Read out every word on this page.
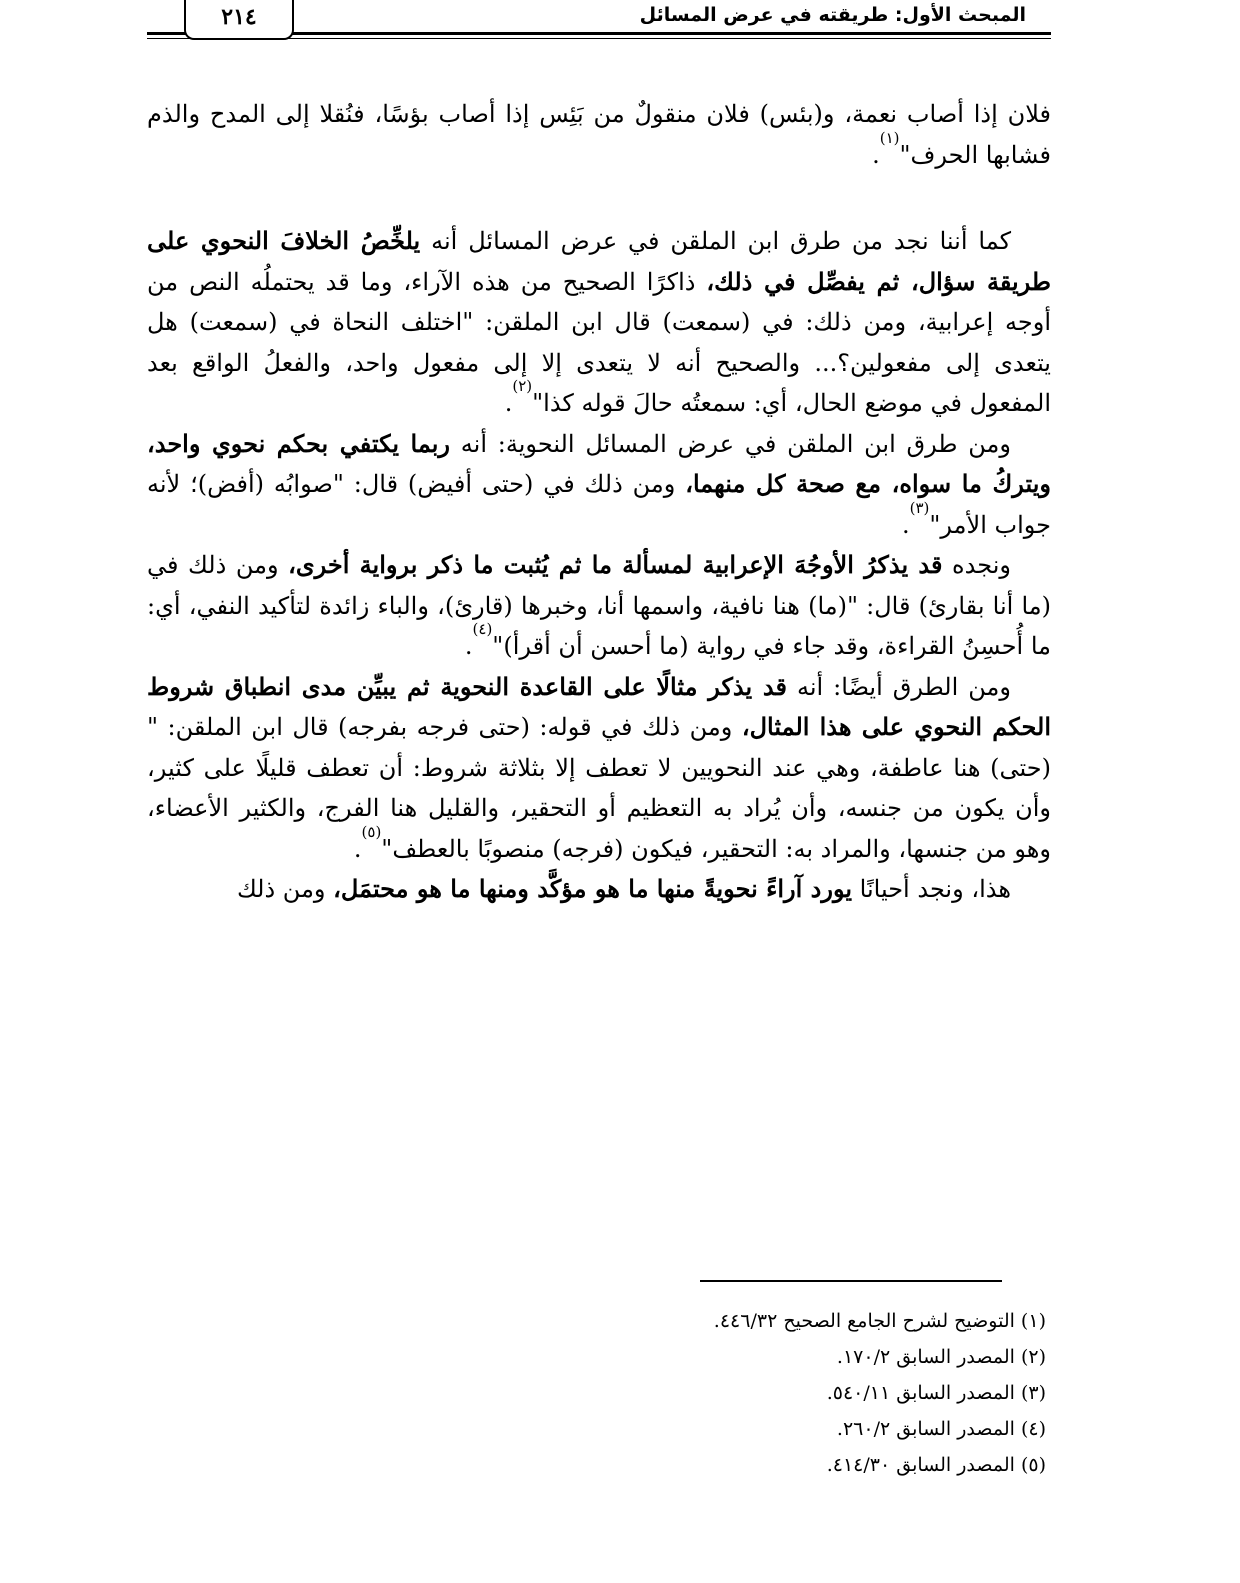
المبحث الأول: طريقته في عرض المسائل
٢١٤

فلان إذا أصاب نعمة، و(بئس) فلان منقولٌ من بَئِس إذا أصاب بؤسًا، فنُقلا إلى المدح والذم فشابها الحرف"$^{(١)}$.

كما أننا نجد من طرق ابن الملقن في عرض المسائل أنه يلخِّصُ الخلافَ النحوي على طريقة سؤال، ثم يفصِّل في ذلك، ذاكرًا الصحيح من هذه الآراء، وما قد يحتملُه النص من أوجه إعرابية، ومن ذلك: في (سمعت) قال ابن الملقن: "اختلف النحاة في (سمعت) هل يتعدى إلى مفعولين؟... والصحيح أنه لا يتعدى إلا إلى مفعول واحد، والفعلُ الواقع بعد المفعول في موضع الحال، أي: سمعتُه حالَ قوله كذا"$^{(٢)}$.

ومن طرق ابن الملقن في عرض المسائل النحوية: أنه ربما يكتفي بحكم نحوي واحد، ويتركُ ما سواه، مع صحة كل منهما، ومن ذلك في (حتى أفيض) قال: "صوابُه (أفض)؛ لأنه جواب الأمر"$^{(٣)}$.

ونجده قد يذكرُ الأوجُهَ الإعرابية لمسألة ما ثم يُثبت ما ذكر برواية أخرى، ومن ذلك في (ما أنا بقارئ) قال: "(ما) هنا نافية، واسمها أنا، وخبرها (قارئ)، والباء زائدة لتأكيد النفي، أي: ما أُحسِنُ القراءة، وقد جاء في رواية (ما أحسن أن أقرأ)"$^{(٤)}$.

ومن الطرق أيضًا: أنه قد يذكر مثالًا على القاعدة النحوية ثم يبيِّن مدى انطباق شروط الحكم النحوي على هذا المثال، ومن ذلك في قوله: (حتى فرجه بفرجه) قال ابن الملقن: "(حتى) هنا عاطفة، وهي عند النحويين لا تعطف إلا بثلاثة شروط: أن تعطف قليلًا على كثير، وأن يكون من جنسه، وأن يُراد به التعظيم أو التحقير، والقليل هنا الفرج، والكثير الأعضاء، وهو من جنسها، والمراد به: التحقير، فيكون (فرجه) منصوبًا بالعطف"$^{(٥)}$.

هذا، ونجد أحيانًا يورد آراءً نحويةً منها ما هو مؤكَّد ومنها ما هو محتمَل، ومن ذلك

(١) التوضيح لشرح الجامع الصحيح ٤٤٦/٣٢.
(٢) المصدر السابق ١٧٠/٢.
(٣) المصدر السابق ٥٤٠/١١.
(٤) المصدر السابق ٢٦٠/٢.
(٥) المصدر السابق ٤١٤/٣٠.
